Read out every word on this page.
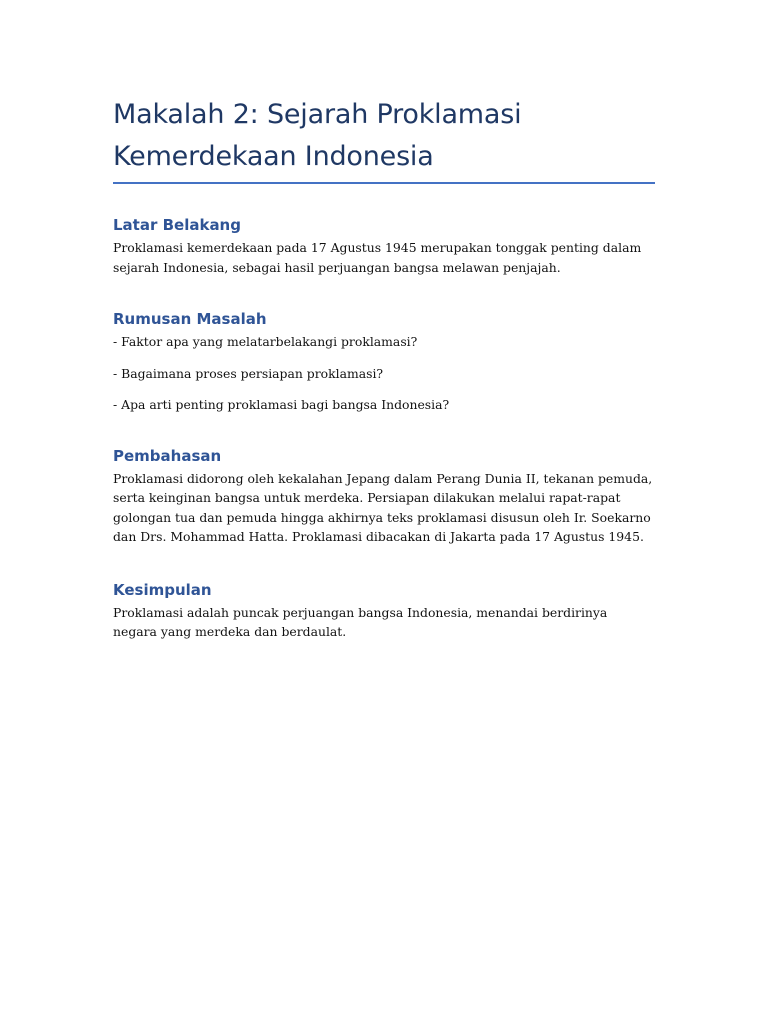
Makalah 2: Sejarah Proklamasi
Kemerdekaan Indonesia
Latar Belakang

Proklamasi kemerdekaan pada 17 Agustus 1945 merupakan tonggak penting dalam sejarah Indonesia, sebagai hasil perjuangan bangsa melawan penjajah.

Rumusan Masalah

- Faktor apa yang melatarbelakangi proklamasi?

- Bagaimana proses persiapan proklamasi?

- Apa arti penting proklamasi bagi bangsa Indonesia?

Pembahasan

Proklamasi didorong oleh kekalahan Jepang dalam Perang Dunia II, tekanan pemuda, serta keinginan bangsa untuk merdeka. Persiapan dilakukan melalui rapat-rapat golongan tua dan pemuda hingga akhirnya teks proklamasi disusun oleh Ir. Soekarno dan Drs. Mohammad Hatta. Proklamasi dibacakan di Jakarta pada 17 Agustus 1945.

Kesimpulan

Proklamasi adalah puncak perjuangan bangsa Indonesia, menandai berdirinya negara yang merdeka dan berdaulat.
